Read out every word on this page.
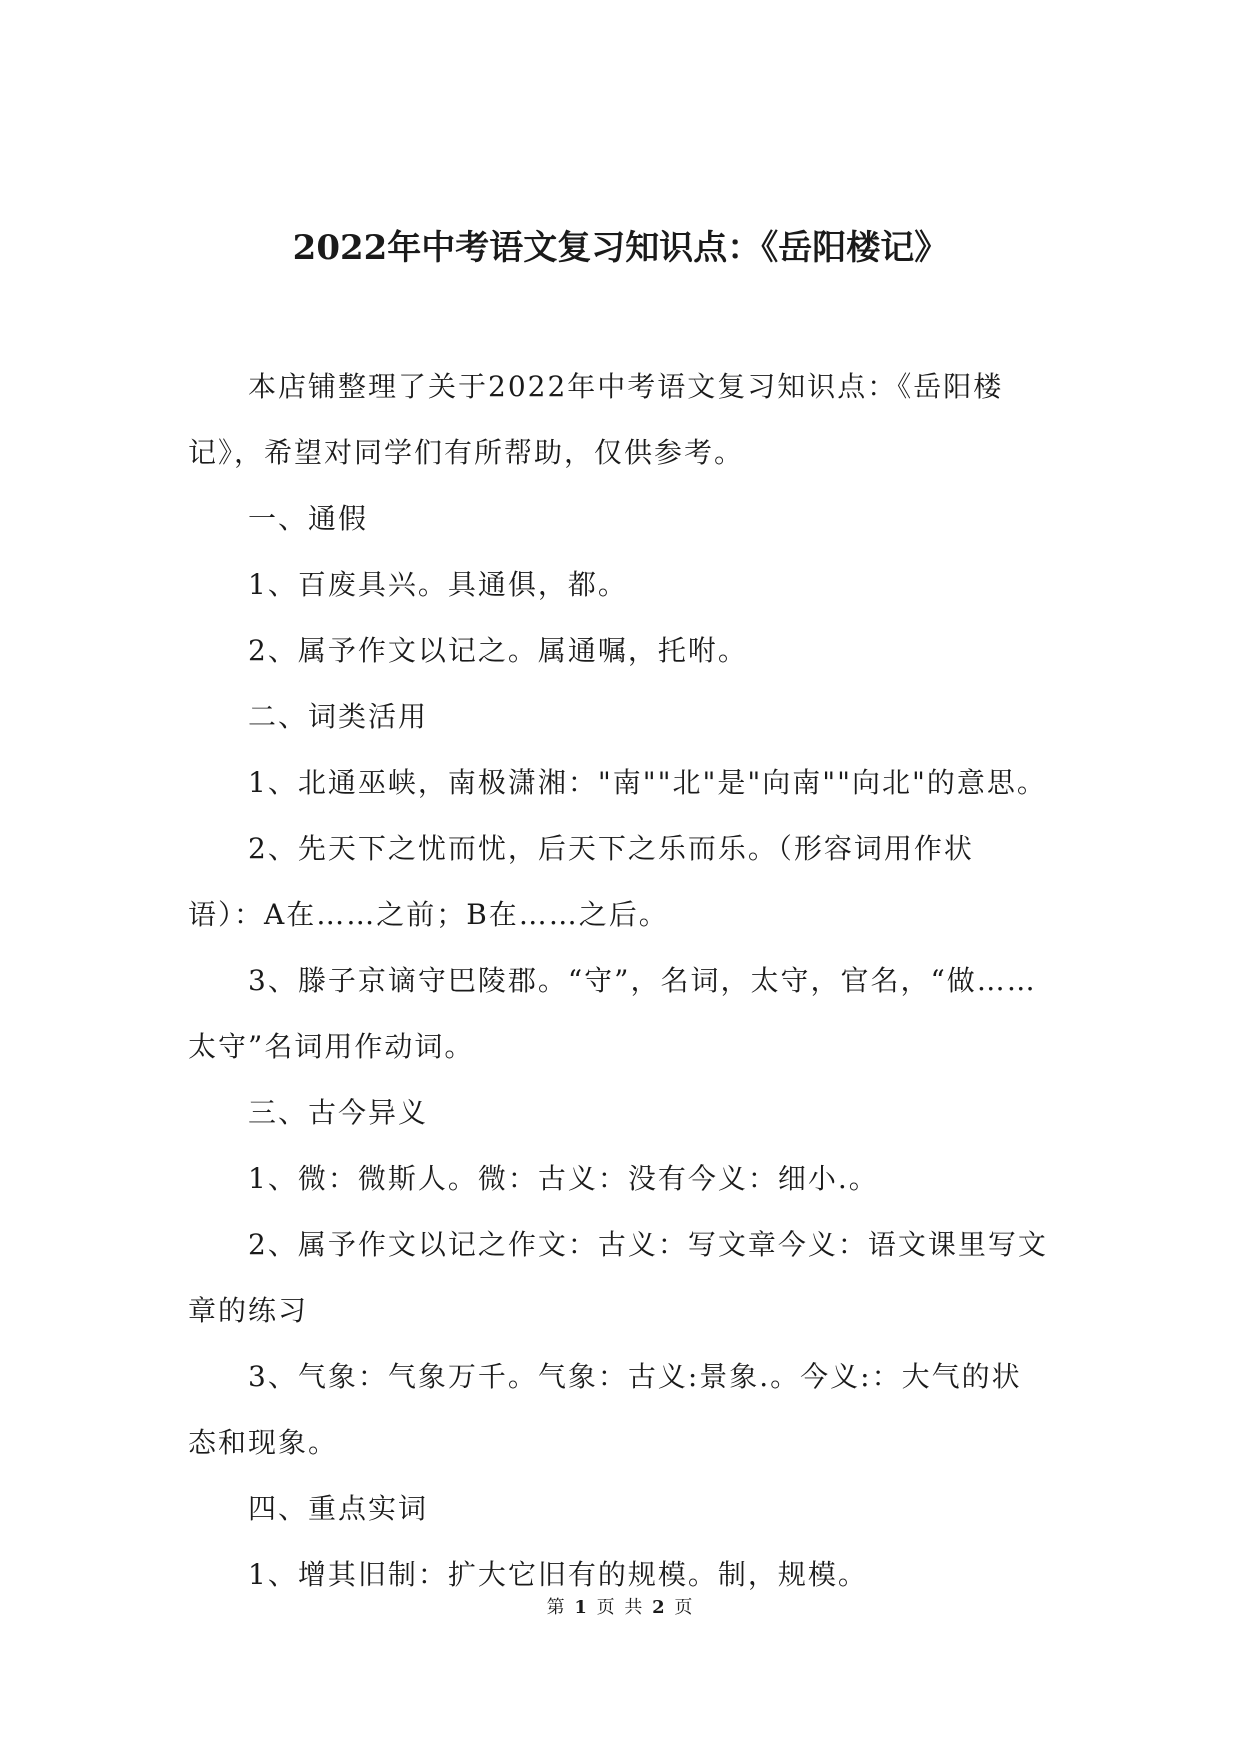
2022年中考语文复习知识点：《岳阳楼记》

本店铺整理了关于2022年中考语文复习知识点：《岳阳楼记》，希望对同学们有所帮助，仅供参考。

一、通假

1、百废具兴。具通俱，都。

2、属予作文以记之。属通嘱，托咐。

二、词类活用

1、北通巫峡，南极潇湘："南""北"是"向南""向北"的意思。

2、先天下之忧而忧，后天下之乐而乐。（形容词用作状语）：A在……之前；B在……之后。

3、滕子京谪守巴陵郡。“守”，名词，太守，官名，“做……太守”名词用作动词。

三、古今异义

1、微：微斯人。微：古义：没有今义：细小.。

2、属予作文以记之作文：古义：写文章今义：语文课里写文章的练习

3、气象：气象万千。气象：古义:景象.。今义:：大气的状态和现象。

四、重点实词

1、增其旧制：扩大它旧有的规模。制，规模。

第 1 页 共 2 页
